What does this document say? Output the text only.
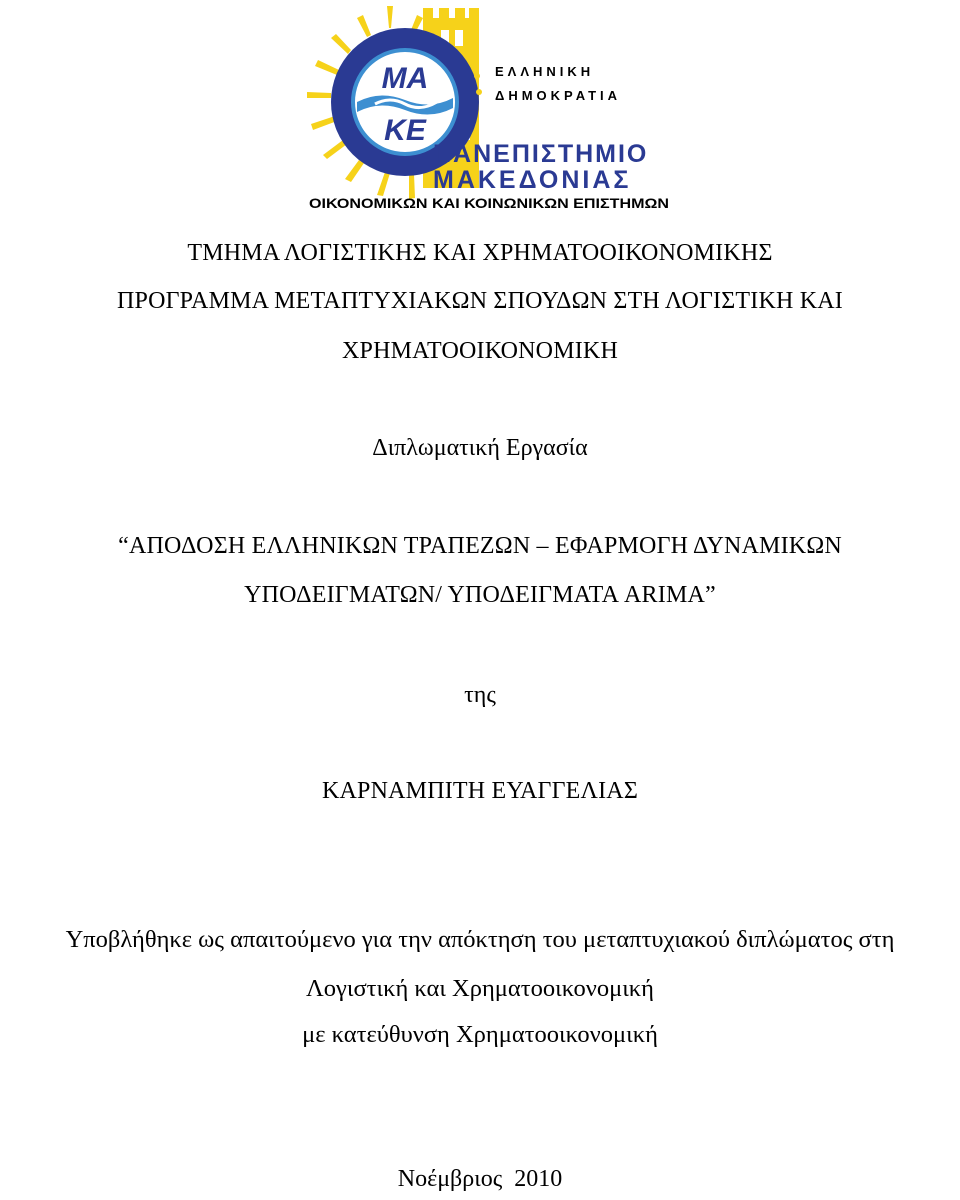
ΜΑ
ΚΕ
ΕΛΛΗΝΙΚΗ
ΔΗΜΟΚΡΑΤΙΑ
ΠΑΝΕΠΙΣΤΗΜΙΟ
ΜΑΚΕΔΟΝΙΑΣ
ΟΙΚΟΝΟΜΙΚΩΝ ΚΑΙ ΚΟΙΝΩΝΙΚΩΝ ΕΠΙΣΤΗΜΩΝ
ΤΜΗΜΑ ΛΟΓΙΣΤΙΚΗΣ ΚΑΙ ΧΡΗΜΑΤΟΟΙΚΟΝΟΜΙΚΗΣ
ΠΡΟΓΡΑΜΜΑ ΜΕΤΑΠΤΥΧΙΑΚΩΝ ΣΠΟΥΔΩΝ ΣΤΗ ΛΟΓΙΣΤΙΚΗ ΚΑΙ
ΧΡΗΜΑΤΟΟΙΚΟΝΟΜΙΚΗ
Διπλωματική Εργασία
“ΑΠΟΔΟΣΗ ΕΛΛΗΝΙΚΩΝ ΤΡΑΠΕΖΩΝ – ΕΦΑΡΜΟΓΗ ΔΥΝΑΜΙΚΩΝ
ΥΠΟΔΕΙΓΜΑΤΩΝ/ ΥΠΟΔΕΙΓΜΑΤΑ ARIMA”
της
ΚΑΡΝΑΜΠΙΤΗ ΕΥΑΓΓΕΛΙΑΣ
Υποβλήθηκε ως απαιτούμενο για την απόκτηση του μεταπτυχιακού διπλώματος στη
Λογιστική και Χρηματοοικονομική
με κατεύθυνση Χρηματοοικονομική
Νοέμβριος  2010
